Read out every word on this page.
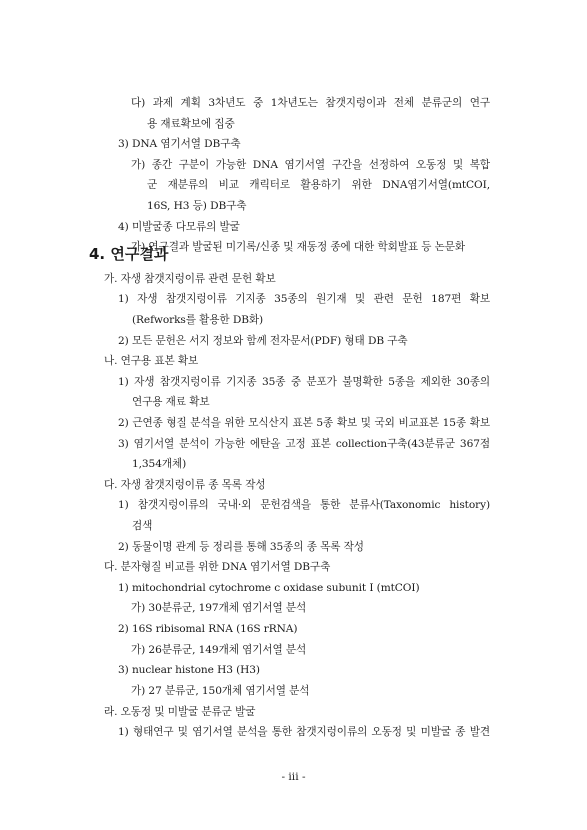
다) 과제 계획 3차년도 중 1차년도는 참갯지렁이과 전체 분류군의 연구
용 재료확보에 집중
3) DNA 염기서열 DB구축
가) 종간 구분이 가능한 DNA 염기서열 구간을 선정하여 오동정 및 복합
군 재분류의 비교 캐릭터로 활용하기 위한 DNA염기서열(mtCOI,
16S, H3 등) DB구축
4) 미발굴종 다모류의 발굴
가) 연구결과 발굴된 미기록/신종 및 재동정 종에 대한 학회발표 등 논문화
4. 연구결과
가. 자생 참갯지렁이류 관련 문헌 확보
1) 자생 참갯지렁이류 기지종 35종의 원기재 및 관련 문헌 187편 확보
(Refworks를 활용한 DB화)
2) 모든 문헌은 서지 정보와 함께 전자문서(PDF) 형태 DB 구축
나. 연구용 표본 확보
1) 자생 참갯지렁이류 기지종 35종 중 분포가 불명확한 5종을 제외한 30종의
연구용 재료 확보
2) 근연종 형질 분석을 위한 모식산지 표본 5종 확보 및 국외 비교표본 15종 확보
3) 염기서열 분석이 가능한 에탄올 고정 표본 collection구축(43분류군 367점
1,354개체)
다. 자생 참갯지렁이류 종 목록 작성
1) 참갯지렁이류의 국내·외 문헌검색을 통한 분류사(Taxonomic history)
검색
2) 동물이명 관계 등 정리를 통해 35종의 종 목록 작성
다. 분자형질 비교를 위한 DNA 염기서열 DB구축
1) mitochondrial cytochrome c oxidase subunit I (mtCOI)
가) 30분류군, 197개체 염기서열 분석
2) 16S ribisomal RNA (16S rRNA)
가) 26분류군, 149개체 염기서열 분석
3) nuclear histone H3 (H3)
가) 27 분류군, 150개체 염기서열 분석
라. 오동정 및 미발굴 분류군 발굴
1) 형태연구 및 염기서열 분석을 통한 참갯지렁이류의 오동정 및 미발굴 종 발견
- iii -
